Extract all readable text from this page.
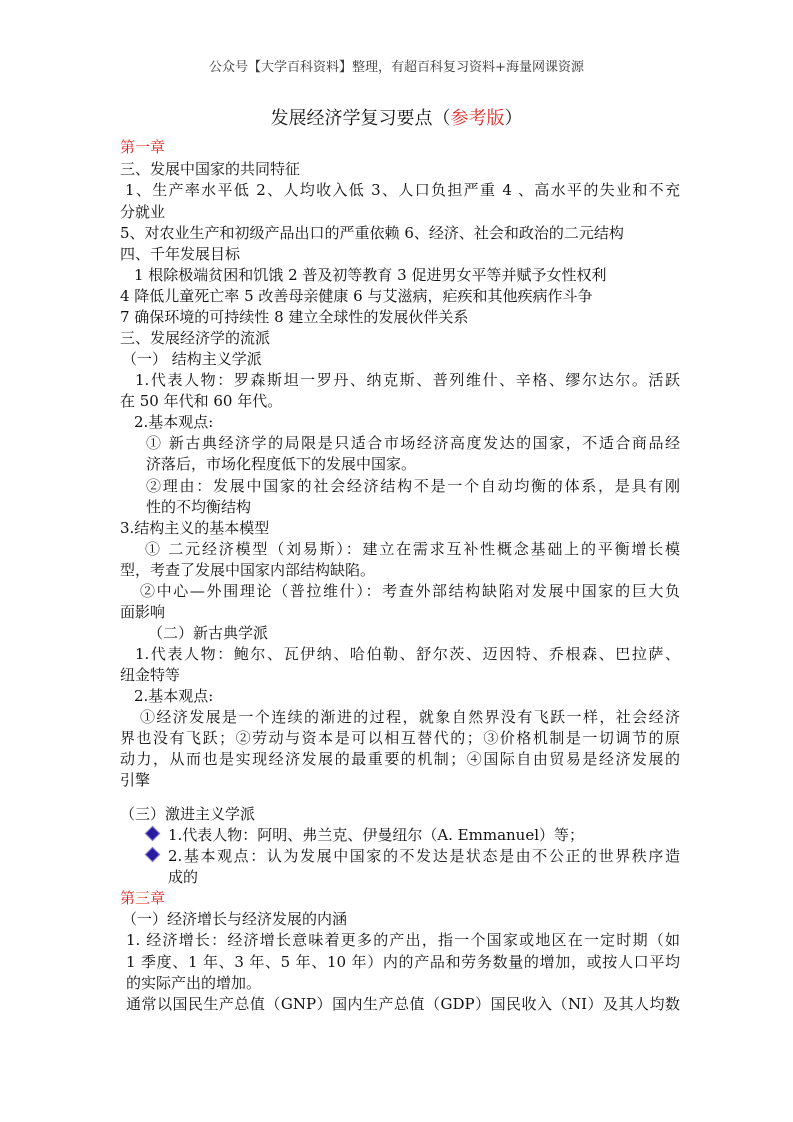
公众号【大学百科资料】整理，有超百科复习资料+海量网课资源
发展经济学复习要点（参考版）
第一章
三、发展中国家的共同特征
1、生产率水平低 2、人均收入低 3、人口负担严重 4 、高水平的失业和不充
分就业
5、对农业生产和初级产品出口的严重依赖 6、经济、社会和政治的二元结构
四、千年发展目标
1 根除极端贫困和饥饿 2 普及初等教育 3 促进男女平等并赋予女性权利
4 降低儿童死亡率 5 改善母亲健康 6 与艾滋病，疟疾和其他疾病作斗争
7 确保环境的可持续性 8 建立全球性的发展伙伴关系
三、发展经济学的流派
（一） 结构主义学派
1.代表人物：罗森斯坦一罗丹、纳克斯、普列维什、辛格、缪尔达尔。活跃
在 50 年代和 60 年代。
2.基本观点:
① 新古典经济学的局限是只适合市场经济高度发达的国家，不适合商品经
济落后，市场化程度低下的发展中国家。
②理由：发展中国家的社会经济结构不是一个自动均衡的体系，是具有刚
性的不均衡结构
3.结构主义的基本模型
① 二元经济模型（刘易斯）：建立在需求互补性概念基础上的平衡增长模
型，考查了发展中国家内部结构缺陷。
②中心—外围理论（普拉维什）：考查外部结构缺陷对发展中国家的巨大负
面影响
（二）新古典学派
1.代表人物：鲍尔、瓦伊纳、哈伯勒、舒尔茨、迈因特、乔根森、巴拉萨、
纽金特等
2.基本观点:
①经济发展是一个连续的渐进的过程，就象自然界没有飞跃一样，社会经济
界也没有飞跃；②劳动与资本是可以相互替代的；③价格机制是一切调节的原
动力，从而也是实现经济发展的最重要的机制；④国际自由贸易是经济发展的
引擎
（三）激进主义学派
1.代表人物：阿明、弗兰克、伊曼纽尔（A. Emmanuel）等；
2.基本观点：认为发展中国家的不发达是状态是由不公正的世界秩序造
成的
第三章
（一）经济增长与经济发展的内涵
1. 经济增长：经济增长意味着更多的产出，指一个国家或地区在一定时期（如
1 季度、1 年、3 年、5 年、10 年）内的产品和劳务数量的增加，或按人口平均
的实际产出的增加。
通常以国民生产总值（GNP）国内生产总值（GDP）国民收入（NI）及其人均数
